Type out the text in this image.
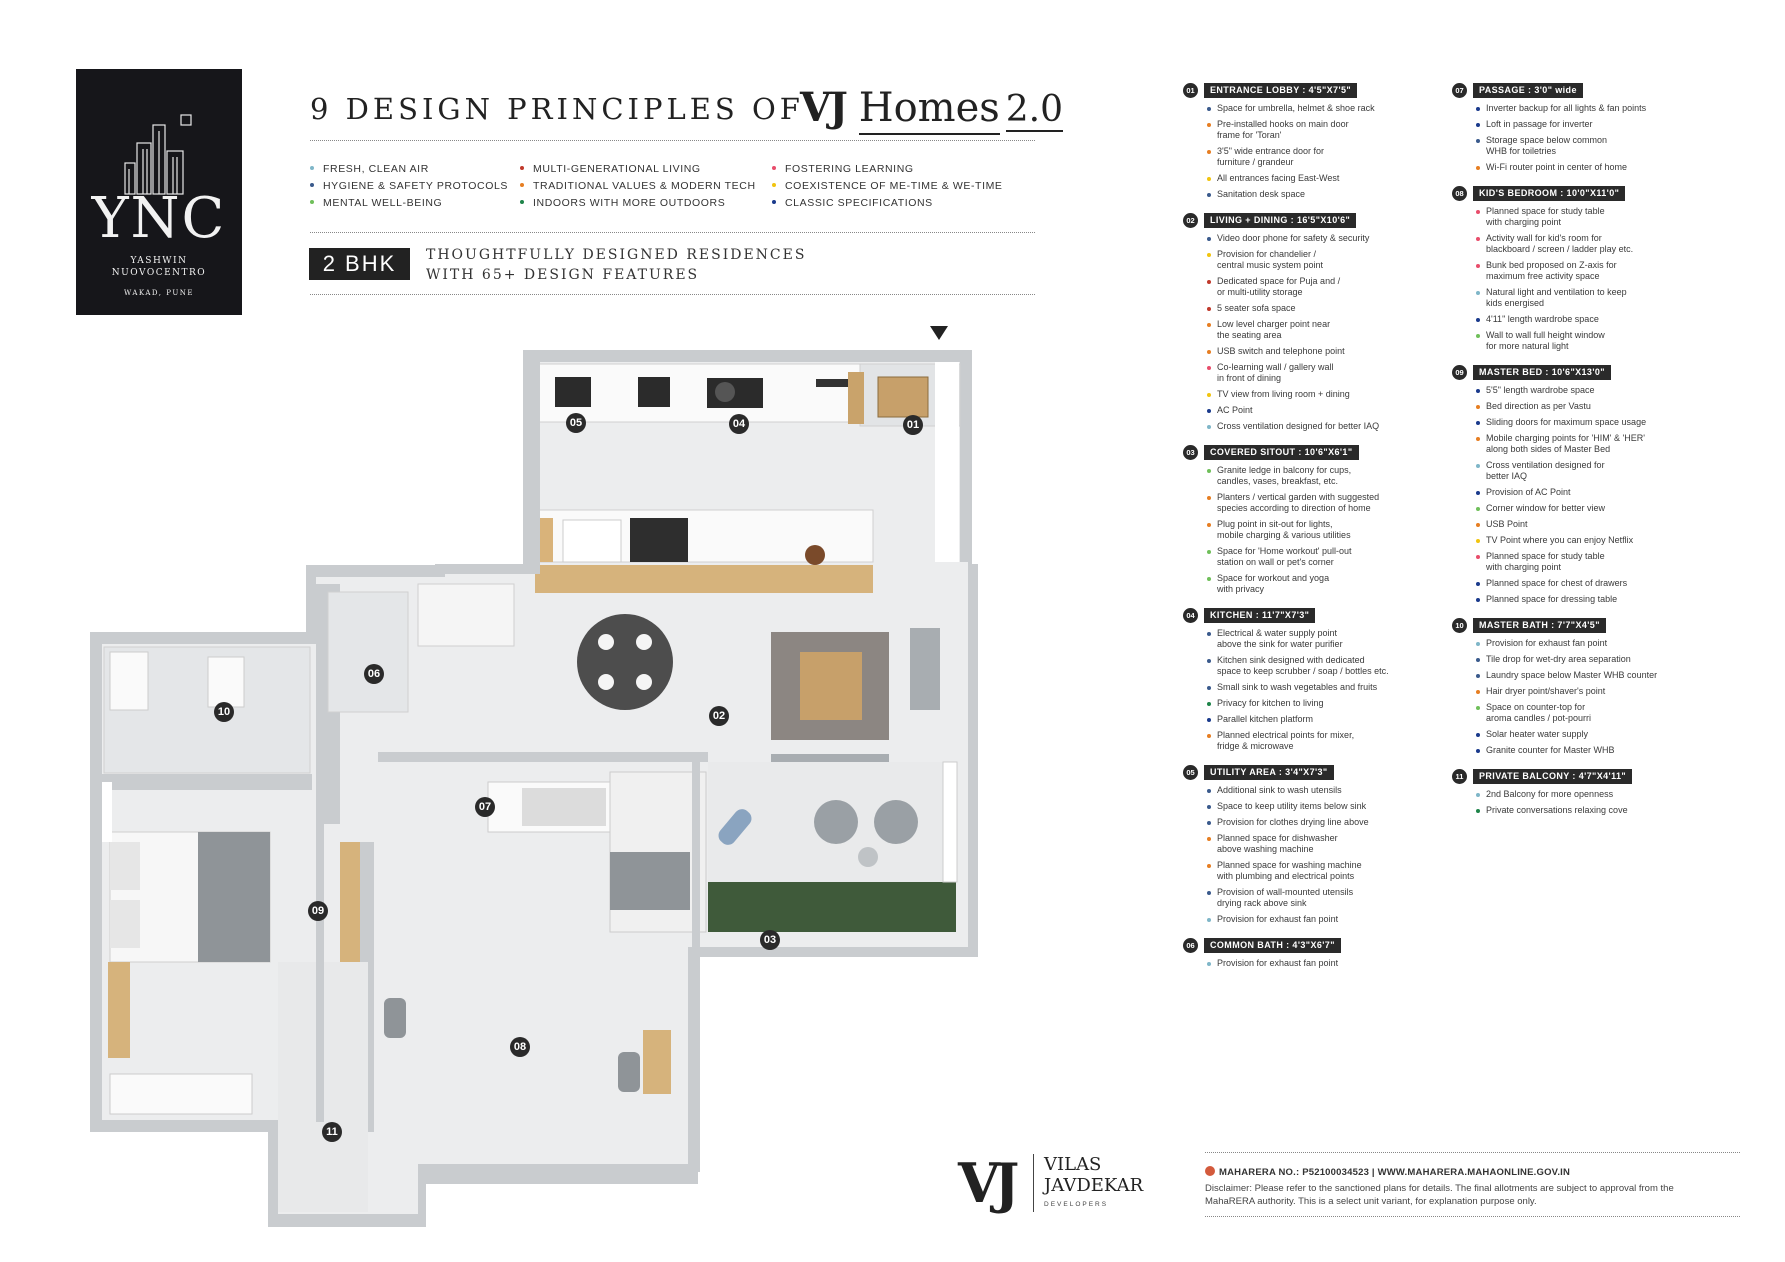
YNC
YASHWIN
NUOVOCENTRO
WAKAD, PUNE
9 DESIGN PRINCIPLES OF
VJ Homes 2.0
FRESH, CLEAN AIR
HYGIENE & SAFETY PROTOCOLS
MENTAL WELL-BEING
MULTI-GENERATIONAL LIVING
TRADITIONAL VALUES & MODERN TECH
INDOORS WITH MORE OUTDOORS
FOSTERING LEARNING
COEXISTENCE OF ME-TIME & WE-TIME
CLASSIC SPECIFICATIONS
2 BHK	THOUGHTFULLY DESIGNED RESIDENCES
WITH 65+ DESIGN FEATURES
05	04	01
06
10	02
07
09
03
08
11
01	ENTRANCE LOBBY : 4'5"X7'5"
Space for umbrella, helmet & shoe rack
Pre-installed hooks on main door
frame for 'Toran'
3'5" wide entrance door for
furniture / grandeur
All entrances facing East-West
Sanitation desk space
02	LIVING + DINING : 16'5"X10'6"
Video door phone for safety & security
Provision for chandelier /
central music system point
Dedicated space for Puja and /
or multi-utility storage
5 seater sofa space
Low level charger point near
the seating area
USB switch and telephone point
Co-learning wall / gallery wall
in front of dining
TV view from living room + dining
AC Point
Cross ventilation designed for better IAQ
03	COVERED SITOUT : 10'6"X6'1"
Granite ledge in balcony for cups,
candles, vases, breakfast, etc.
Planters / vertical garden with suggested
species according to direction of home
Plug point in sit-out for lights,
mobile charging & various utilities
Space for 'Home workout' pull-out
station on wall or pet's corner
Space for workout and yoga
with privacy
04	KITCHEN : 11'7"X7'3"
Electrical & water supply point
above the sink for water purifier
Kitchen sink designed with dedicated
space to keep scrubber / soap / bottles etc.
Small sink to wash vegetables and fruits
Privacy for kitchen to living
Parallel kitchen platform
Planned electrical points for mixer,
fridge & microwave
05	UTILITY AREA : 3'4"X7'3"
Additional sink to wash utensils
Space to keep utility items below sink
Provision for clothes drying line above
Planned space for dishwasher
above washing machine
Planned space for washing machine
with plumbing and electrical points
Provision of wall-mounted utensils
drying rack above sink
Provision for exhaust fan point
06	COMMON BATH : 4'3"X6'7"
Provision for exhaust fan point
07	PASSAGE : 3'0" wide
Inverter backup for all lights & fan points
Loft in passage for inverter
Storage space below common
WHB for toiletries
Wi-Fi router point in center of home
08	KID'S BEDROOM : 10'0"X11'0"
Planned space for study table
with charging point
Activity wall for kid's room for
blackboard / screen / ladder play etc.
Bunk bed proposed on Z-axis for
maximum free activity space
Natural light and ventilation to keep
kids energised
4'11" length wardrobe space
Wall to wall full height window
for more natural light
09	MASTER BED : 10'6"X13'0"
5'5" length wardrobe space
Bed direction as per Vastu
Sliding doors for maximum space usage
Mobile charging points for 'HIM' & 'HER'
along both sides of Master Bed
Cross ventilation designed for
better IAQ
Provision of AC Point
Corner window for better view
USB Point
TV Point where you can enjoy Netflix
Planned space for study table
with charging point
Planned space for chest of drawers
Planned space for dressing table
10	MASTER BATH : 7'7"X4'5"
Provision for exhaust fan point
Tile drop for wet-dry area separation
Laundry space below Master WHB counter
Hair dryer point/shaver's point
Space on counter-top for
aroma candles / pot-pourri
Solar heater water supply
Granite counter for Master WHB
11	PRIVATE BALCONY : 4'7"X4'11"
2nd Balcony for more openness
Private conversations relaxing cove
VJ VILAS
JAVDEKAR
DEVELOPERS
MAHARERA NO.: P52100034523 | WWW.MAHARERA.MAHAONLINE.GOV.IN
Disclaimer: Please refer to the sanctioned plans for details. The final allotments are subject to approval from the MahaRERA authority. This is a select unit variant, for explanation purpose only.
